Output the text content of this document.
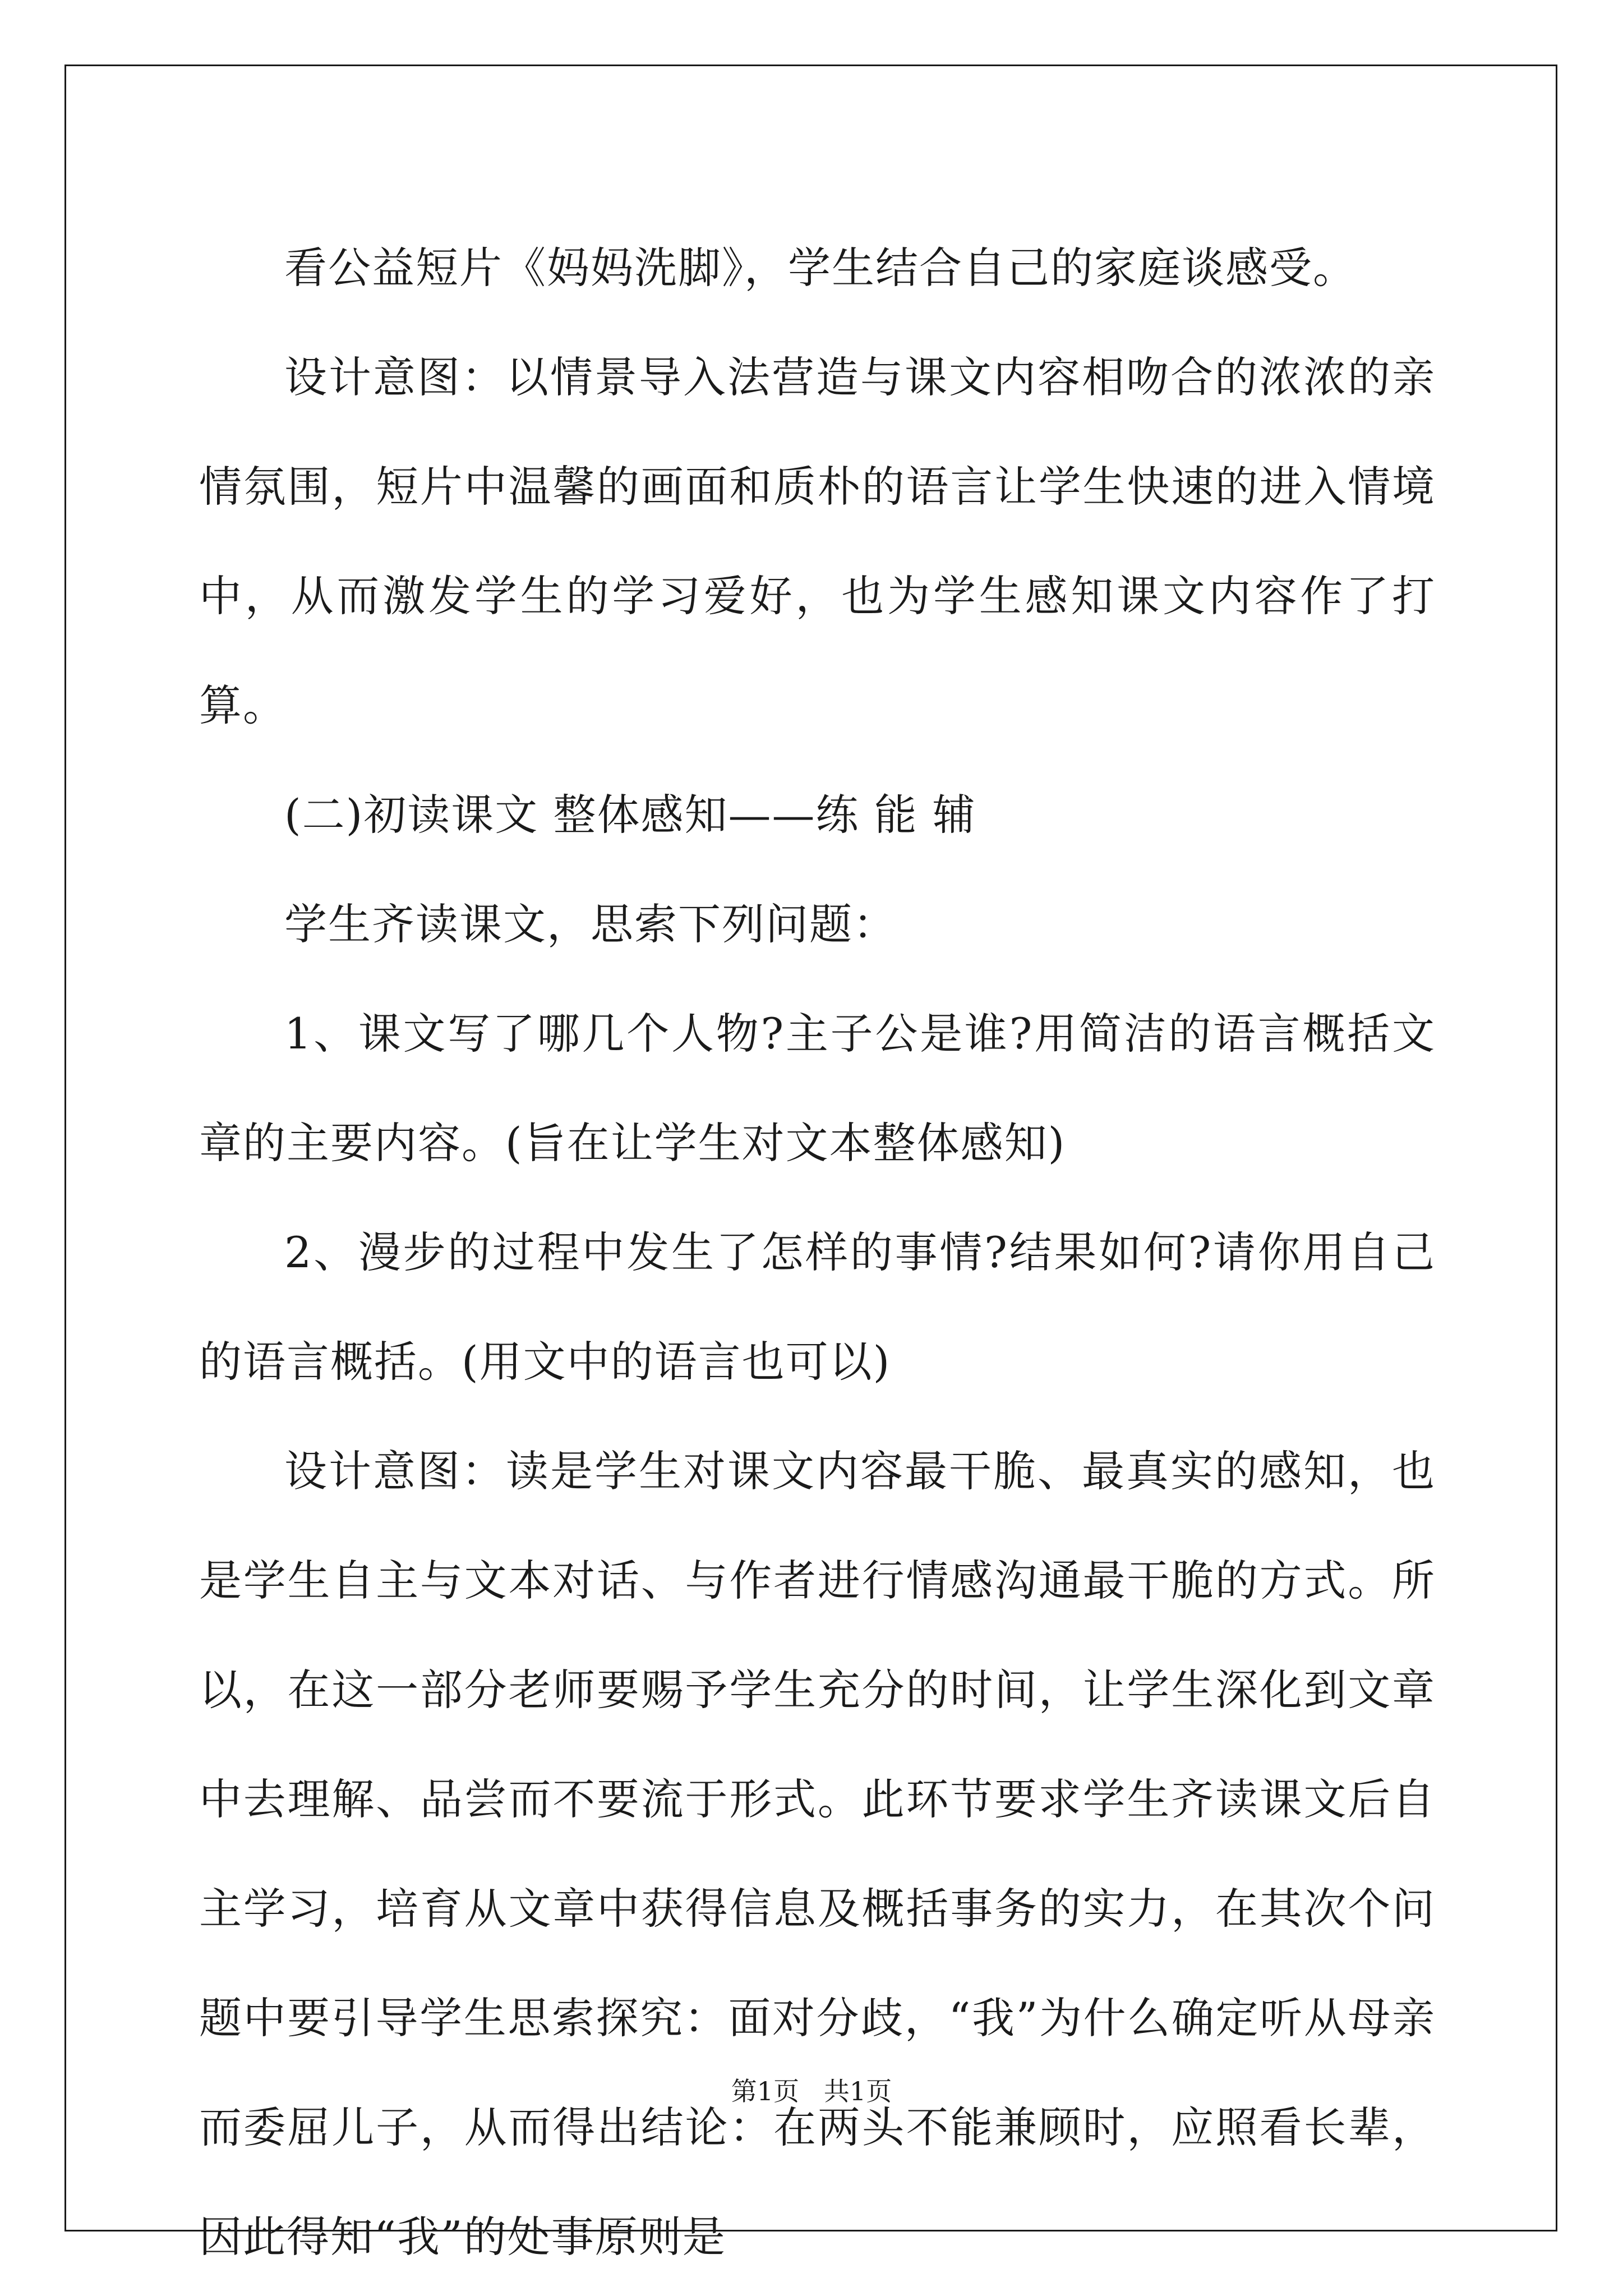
看公益短片《妈妈洗脚》，学生结合自己的家庭谈感受。

设计意图：以情景导入法营造与课文内容相吻合的浓浓的亲情氛围，短片中温馨的画面和质朴的语言让学生快速的进入情境中，从而激发学生的学习爱好，也为学生感知课文内容作了打算。

(二)初读课文 整体感知——练 能 辅

学生齐读课文，思索下列问题：

1、课文写了哪几个人物?主子公是谁?用简洁的语言概括文章的主要内容。(旨在让学生对文本整体感知)

2、漫步的过程中发生了怎样的事情?结果如何?请你用自己的语言概括。(用文中的语言也可以)

设计意图：读是学生对课文内容最干脆、最真实的感知，也是学生自主与文本对话、与作者进行情感沟通最干脆的方式。所以，在这一部分老师要赐予学生充分的时间，让学生深化到文章中去理解、品尝而不要流于形式。此环节要求学生齐读课文后自主学习，培育从文章中获得信息及概括事务的实力，在其次个问题中要引导学生思索探究：面对分歧，“我”为什么确定听从母亲而委屈儿子，从而得出结论：在两头不能兼顾时，应照看长辈，因此得知“我”的处事原则是

第1页   共1页
